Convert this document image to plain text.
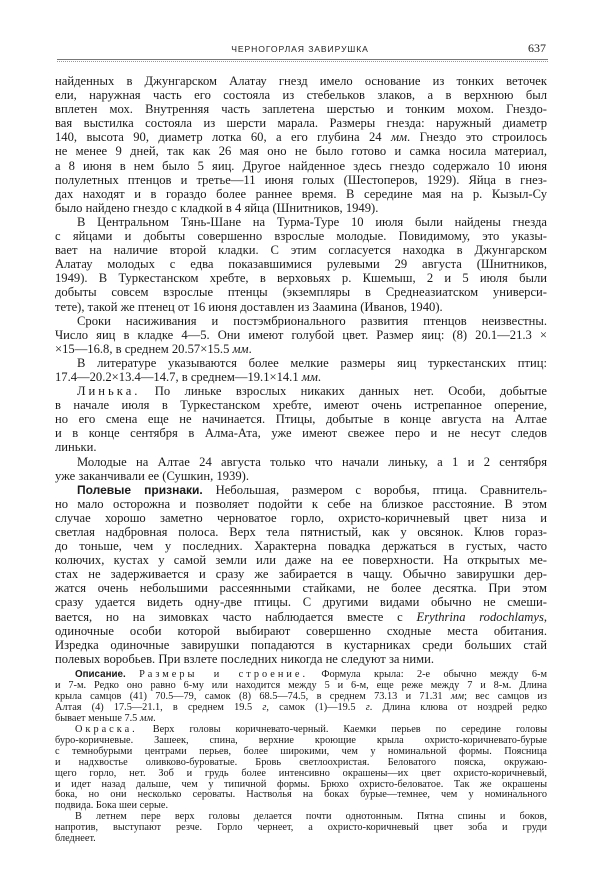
ЧЕРНОГОРЛАЯ ЗАВИРУШКА	637
найденных в Джунгарском Алатау гнезд имело основание из тонких веточек
ели, наружная часть его состояла из стебельков злаков, а в верхнюю был
вплетен мох. Внутренняя часть заплетена шерстью и тонким мохом. Гнездо-
вая выстилка состояла из шерсти марала. Размеры гнезда: наружный диаметр
140, высота 90, диаметр лотка 60, а его глубина 24 мм. Гнездо это строилось
не менее 9 дней, так как 26 мая оно не было готово и самка носила материал,
а 8 июня в нем было 5 яиц. Другое найденное здесь гнездо содержало 10 июня
полулетных птенцов и третье—11 июня голых (Шестоперов, 1929). Яйца в гнез-
дах находят и в гораздо более раннее время. В середине мая на р. Кызыл-Су
было найдено гнездо с кладкой в 4 яйца (Шнитников, 1949).
В Центральном Тянь-Шане на Турма-Туре 10 июля были найдены гнезда
с яйцами и добыты совершенно взрослые молодые. Повидимому, это указы-
вает на наличие второй кладки. С этим согласуется находка в Джунгарском
Алатау молодых с едва показавшимися рулевыми 29 августа (Шнитников,
1949). В Туркестанском хребте, в верховьях р. Кшемыш, 2 и 5 июля были
добыты совсем взрослые птенцы (экземпляры в Среднеазиатском универси-
тете), такой же птенец от 16 июня доставлен из Заамина (Иванов, 1940).
Сроки насиживания и постэмбрионального развития птенцов неизвестны.
Число яиц в кладке 4—5. Они имеют голубой цвет. Размер яиц: (8) 20.1—21.3 ×
×15—16.8, в среднем 20.57×15.5 мм.
В литературе указываются более мелкие размеры яиц туркестанских птиц:
17.4—20.2×13.4—14.7, в среднем—19.1×14.1 мм.
Линька. По линьке взрослых никаких данных нет. Особи, добытые
в начале июля в Туркестанском хребте, имеют очень истрепанное оперение,
но его смена еще не начинается. Птицы, добытые в конце августа на Алтае
и в конце сентября в Алма-Ата, уже имеют свежее перо и не несут следов
линьки.
Молодые на Алтае 24 августа только что начали линьку, а 1 и 2 сентября
уже заканчивали ее (Сушкин, 1939).
Полевые признаки. Небольшая, размером с воробья, птица. Сравнитель-
но мало осторожна и позволяет подойти к себе на близкое расстояние. В этом
случае хорошо заметно черноватое горло, охристо-коричневый цвет низа и
светлая надбровная полоса. Верх тела пятнистый, как у овсянок. Клюв гораз-
до тоньше, чем у последних. Характерна повадка держаться в густых, часто
колючих, кустах у самой земли или даже на ее поверхности. На открытых ме-
стах не задерживается и сразу же забирается в чащу. Обычно завирушки дер-
жатся очень небольшими рассеянными стайками, не более десятка. При этом
сразу удается видеть одну-две птицы. С другими видами обычно не смеши-
вается, но на зимовках часто наблюдается вместе с Erythrina rodochlamys,
одиночные особи которой выбирают совершенно сходные места обитания.
Изредка одиночные завирушки попадаются в кустарниках среди больших стай
полевых воробьев. При взлете последних никогда не следуют за ними.
Описание. Размеры и строение. Формула крыла: 2-е обычно между 6-м
и 7-м. Редко оно равно 6-му или находится между 5 и 6-м, еще реже между 7 и 8-м. Длина
крыла самцов (41) 70.5—79, самок (8) 68.5—74.5, в среднем 73.13 и 71.31 мм; вес самцов из
Алтая (4) 17.5—21.1, в среднем 19.5 г, самок (1)—19.5 г. Длина клюва от ноздрей редко
бывает меньше 7.5 мм.
Окраска. Верх головы коричневато-черный. Каемки перьев по середине головы
буро-коричневые. Зашеек, спина, верхние кроющие крыла охристо-коричневато-бурые
с темнобурыми центрами перьев, более широкими, чем у номинальной формы. Поясница
и надхвостье оливково-буроватые. Бровь светлоохристая. Беловатого пояска, окружаю-
щего горло, нет. Зоб и грудь более интенсивно окрашены—их цвет охристо-коричневый,
и идет назад дальше, чем у типичной формы. Брюхо охристо-беловатое. Так же окрашены
бока, но они несколько сероваты. Настволья на боках бурые—темнее, чем у номинального
подвида. Бока шеи серые.
В летнем пере верх головы делается почти однотонным. Пятна спины и боков,
напротив, выступают резче. Горло чернеет, а охристо-коричневый цвет зоба и груди
бледнеет.
